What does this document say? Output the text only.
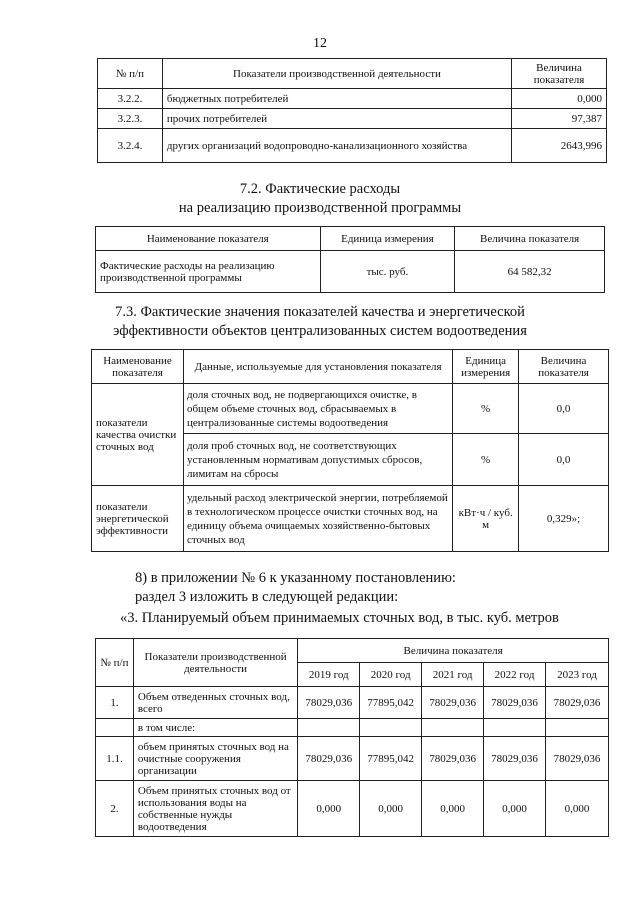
12
№ п/п	Показатели производственной деятельности	Величина показателя
3.2.2.	бюджетных потребителей	0,000
3.2.3.	прочих потребителей	97,387
3.2.4.	других организаций водопроводно-канализационного хозяйства	2643,996
7.2. Фактические расходы
на реализацию производственной программы
Наименование показателя	Единица измерения	Величина показателя
Фактические расходы на реализацию производственной программы	тыс. руб.	64 582,32
7.3. Фактические значения показателей качества и энергетической
эффективности объектов централизованных систем водоотведения
Наименование показателя	Данные, используемые для установления показателя	Единица измерения	Величина показателя
показатели качества очистки сточных вод	доля сточных вод, не подвергающихся очистке, в общем объеме сточных вод, сбрасываемых в централизованные системы водоотведения	%	0,0
	доля проб сточных вод, не соответствующих установленным нормативам допустимых сбросов, лимитам на сбросы	%	0,0
показатели энергетической эффективности	удельный расход электрической энергии, потребляемой в технологическом процессе очистки сточных вод, на единицу объема очищаемых хозяйственно-бытовых сточных вод	кВт·ч / куб. м	0,329»;
8) в приложении № 6 к указанному постановлению:
раздел 3 изложить в следующей редакции:
«3. Планируемый объем принимаемых сточных вод, в тыс. куб. метров
№ п/п	Показатели производственной деятельности	Величина показателя				
		2019 год	2020 год	2021 год	2022 год	2023 год
1.	Объем отведенных сточных вод, всего	78029,036	77895,042	78029,036	78029,036	78029,036
	в том числе:					
1.1.	объем принятых сточных вод на очистные сооружения организации	78029,036	77895,042	78029,036	78029,036	78029,036
2.	Объем принятых сточных вод от использования воды на собственные нужды водоотведения	0,000	0,000	0,000	0,000	0,000
